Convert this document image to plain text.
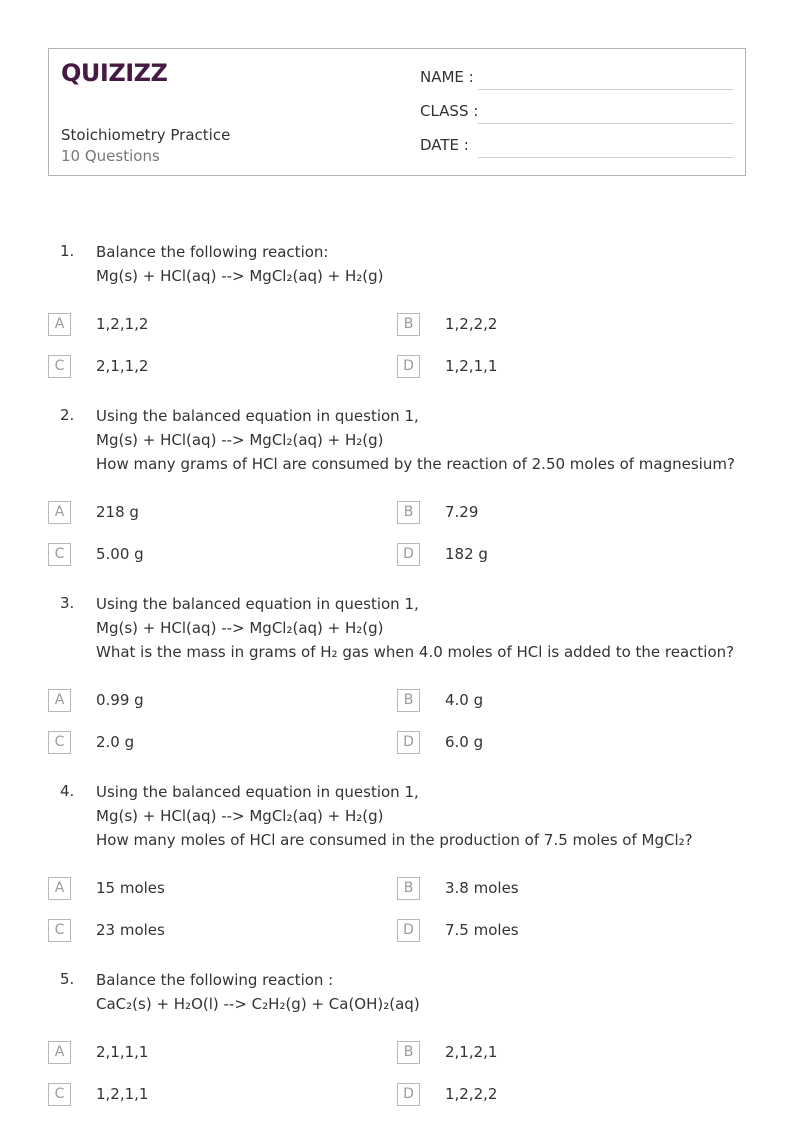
QUIZIZZ
Stoichiometry Practice
10 Questions
NAME :
CLASS :
DATE :
1. Balance the following reaction:
Mg(s) + HCl(aq) --> MgCl₂(aq) + H₂(g)
A	1,2,1,2	B	1,2,2,2
C	2,1,1,2	D	1,2,1,1
2. Using the balanced equation in question 1,
Mg(s) + HCl(aq) --> MgCl₂(aq) + H₂(g)
How many grams of HCl are consumed by the reaction of 2.50 moles of magnesium?
A	218 g	B	7.29
C	5.00 g	D	182 g
3. Using the balanced equation in question 1,
Mg(s) + HCl(aq) --> MgCl₂(aq) + H₂(g)
What is the mass in grams of H₂ gas when 4.0 moles of HCl is added to the reaction?
A	0.99 g	B	4.0 g
C	2.0 g	D	6.0 g
4. Using the balanced equation in question 1,
Mg(s) + HCl(aq) --> MgCl₂(aq) + H₂(g)
How many moles of HCl are consumed in the production of 7.5 moles of MgCl₂?
A	15 moles	B	3.8 moles
C	23 moles	D	7.5 moles
5. Balance the following reaction :
CaC₂(s) + H₂O(l) --> C₂H₂(g) + Ca(OH)₂(aq)
A	2,1,1,1	B	2,1,2,1
C	1,2,1,1	D	1,2,2,2
